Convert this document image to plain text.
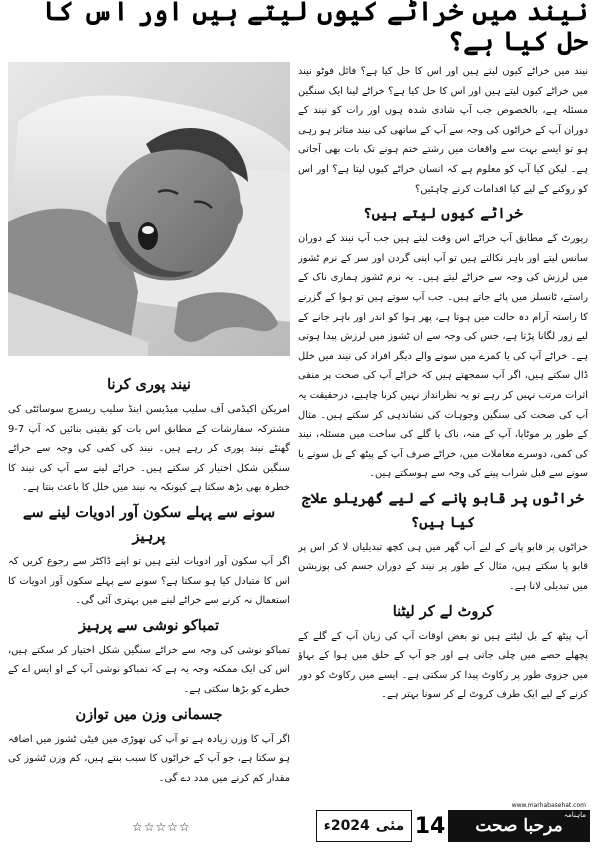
نیند میں خراٹے کیوں لیتے ہیں اور اس کا حل کیا ہے؟

نیند میں خراٹے کیوں لیتے ہیں اور اس کا حل کیا ہے؟ فائل فوٹو نیند میں خراٹے کیوں لیتے ہیں اور اس کا حل کیا ہے؟ خراٹے لینا ایک سنگین مسئلہ ہے، بالخصوص جب آپ شادی شدہ ہوں اور رات کو نیند کے دوران آپ کے خراٹوں کی وجہ سے آپ کے ساتھی کی نیند متاثر ہو رہی ہو تو ایسے بہت سے واقعات میں رشتے ختم ہونے تک بات بھی آجاتی ہے۔ لیکن کیا آپ کو معلوم ہے کہ انسان خراٹے کیوں لیتا ہے؟ اور اس کو روکنے کے لیے کیا اقدامات کرنے چاہئیں؟

خراٹے کیوں لیتے ہیں؟

رپورٹ کے مطابق آپ خراٹے اس وقت لیتے ہیں جب آپ نیند کے دوران سانس لیتے اور باہر نکالتے ہیں تو آپ اپنی گردن اور سر کے نرم ٹشوز میں لرزش کی وجہ سے خراٹے لیتے ہیں۔ یہ نرم ٹشوز ہماری ناک کے راستے، ٹانسلز میں پائے جاتے ہیں۔ جب آپ سوتے ہیں تو ہوا کے گزرنے کا راستہ آرام دہ حالت میں ہوتا ہے، پھر ہوا کو اندر اور باہر جانے کے لیے زور لگانا پڑتا ہے، جس کی وجہ سے ان ٹشوز میں لرزش پیدا ہوتی ہے۔ خراٹے آپ کی یا کمرے میں سونے والے دیگر افراد کی نیند میں خلل ڈال سکتے ہیں، اگر آپ سمجھتے ہیں کہ خراٹے آپ کی صحت پر منفی اثرات مرتب نہیں کر رہے تو یہ نظرانداز نہیں کرنا چاہیے، درحقیقت یہ آپ کی صحت کی سنگین وجوہات کی نشاندہی کر سکتے ہیں۔ مثال کے طور پر موٹاپا، آپ کے منہ، ناک یا گلے کی ساخت میں مسئلہ، نیند کی کمی، دوسرے معاملات میں، خراٹے صرف آپ کے پیٹھ کے بل سونے یا سونے سے قبل شراب پینے کی وجہ سے ہوسکتے ہیں۔

خراٹوں پر قابو پانے کے لیے گھریلو علاج کیا ہیں؟

خراٹوں پر قابو پانے کے لیے آپ گھر میں ہی کچھ تبدیلیاں لا کر اس پر قابو پا سکتے ہیں، مثال کے طور پر نیند کے دوران جسم کی پوزیشن میں تبدیلی لانا ہے۔

کروٹ لے کر لیٹنا

آپ پیٹھ کے بل لیٹتے ہیں تو بعض اوقات آپ کی زبان آپ کے گلے کے پچھلے حصے میں چلی جاتی ہے اور جو آپ کے حلق میں ہوا کے بہاؤ میں جزوی طور پر رکاوٹ پیدا کر سکتی ہے۔ ایسے میں رکاوٹ کو دور کرنے کے لیے ایک طرف کروٹ لے کر سونا بہتر ہے۔

نیند پوری کرنا

امریکن اکیڈمی آف سلیپ میڈیسن اینڈ سلیپ ریسرچ سوسائٹی کی مشترکہ سفارشات کے مطابق اس بات کو یقینی بنائیں کہ آپ 7-9 گھنٹے نیند پوری کر رہے ہیں۔ نیند کی کمی کی وجہ سے خراٹے سنگین شکل اختیار کر سکتے ہیں۔ خراٹے لینے سے آپ کی نیند کا خطرہ بھی بڑھ سکتا ہے کیونکہ یہ نیند میں خلل کا باعث بنتا ہے۔

سونے سے پہلے سکون آور ادویات لینے سے پرہیز

اگر آپ سکون آور ادویات لیتے ہیں تو اپنے ڈاکٹر سے رجوع کریں کہ اس کا متبادل کیا ہو سکتا ہے؟ سونے سے پہلے سکون آور ادویات کا استعمال نہ کرنے سے خراٹے لینے میں بہتری آئی گی۔

تمباکو نوشی سے پرہیز

تمباکو نوشی کی وجہ سے خراٹے سنگین شکل اختیار کر سکتے ہیں، اس کی ایک ممکنہ وجہ یہ ہے کہ تمباکو نوشی آپ کے او ایس اے کے خطرے کو بڑھا سکتی ہے۔

جسمانی وزن میں توازن

اگر آپ کا وزن زیادہ ہے تو آپ کی تھوڑی میں فیٹی ٹشوز میں اضافہ ہو سکتا ہے، جو آپ کے خراٹوں کا سبب بنتے ہیں، کم وزن ٹشوز کی مقدار کم کرنے میں مدد دے گی۔

☆☆☆☆☆
www.marhabasehat.com
ماہنامہ
مرحبا صحت
14
مئی
2024ء
